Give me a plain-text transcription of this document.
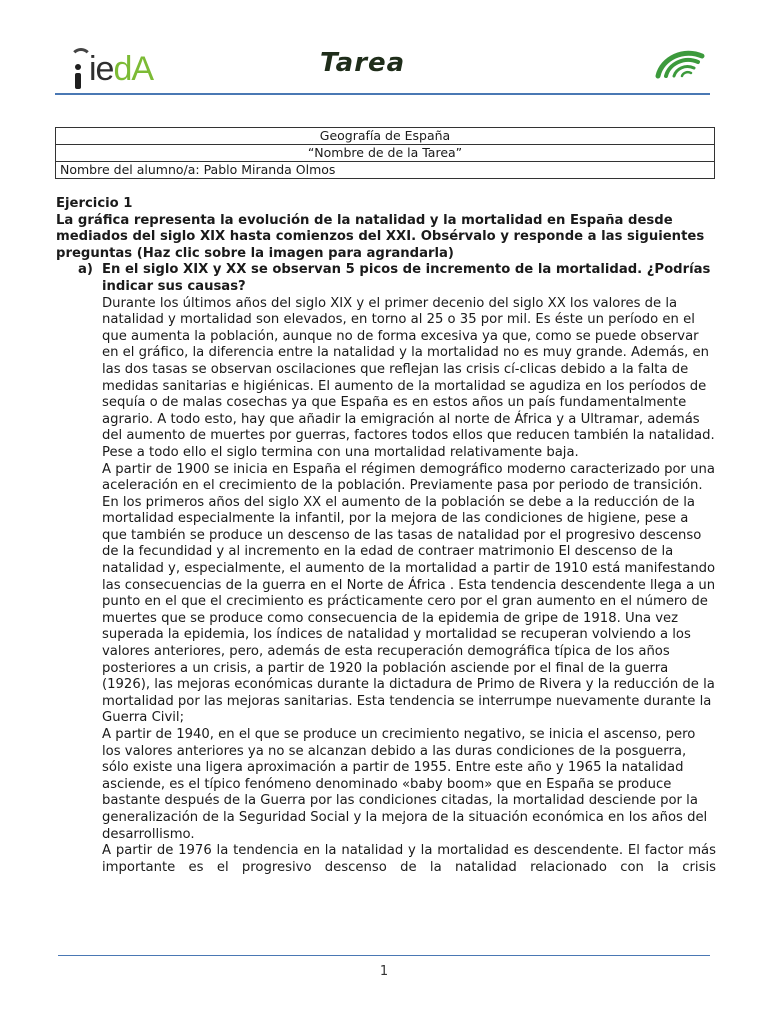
iedA	Tarea
Geografía de España
“Nombre de de la Tarea”
Nombre del alumno/a: Pablo Miranda Olmos
Ejercicio 1
La gráfica representa la evolución de la natalidad y la mortalidad en España desde mediados del siglo XIX hasta comienzos del XXI. Obsérvalo y responde a las siguientes preguntas (Haz clic sobre la imagen para agrandarla)
a) En el siglo XIX y XX se observan 5 picos de incremento de la mortalidad. ¿Podrías indicar sus causas?

Durante los últimos años del siglo XIX y el primer decenio del siglo XX los valores de la natalidad y mortalidad son elevados, en torno al 25 o 35 por mil. Es éste un período en el que aumenta la población, aunque no de forma excesiva ya que, como se puede observar en el gráfico, la diferencia entre la natalidad y la mortalidad no es muy grande. Además, en las dos tasas se observan oscilaciones que reflejan las crisis cí-clicas debido a la falta de medidas sanitarias e higiénicas. El aumento de la mortalidad se agudiza en los períodos de sequía o de malas cosechas ya que España es en estos años un país fundamentalmente agrario. A todo esto, hay que añadir la emigración al norte de África y a Ultramar, además del aumento de muertes por guerras, factores todos ellos que reducen también la natalidad. Pese a todo ello el siglo termina con una mortalidad relativamente baja.

A partir de 1900 se inicia en España el régimen demográfico moderno caracterizado por una aceleración en el crecimiento de la población. Previamente pasa por periodo de transición.

En los primeros años del siglo XX el aumento de la población se debe a la reducción de la mortalidad especialmente la infantil, por la mejora de las condiciones de higiene, pese a que también se produce un descenso de las tasas de natalidad por el progresivo descenso de la fecundidad y al incremento en la edad de contraer matrimonio El descenso de la natalidad y, especialmente, el aumento de la mortalidad a partir de 1910 está manifestando las consecuencias de la guerra en el Norte de África . Esta tendencia descendente llega a un punto en el que el crecimiento es prácticamente cero por el gran aumento en el número de muertes que se produce como consecuencia de la epidemia de gripe de 1918. Una vez superada la epidemia, los índices de natalidad y mortalidad se recuperan volviendo a los valores anteriores, pero, además de esta recuperación demográfica típica de los años posteriores a un crisis, a partir de 1920 la población asciende por el final de la guerra (1926), las mejoras económicas durante la dictadura de Primo de Rivera y la reducción de la mortalidad por las mejoras sanitarias. Esta tendencia se interrumpe nuevamente durante la Guerra Civil;

A partir de 1940, en el que se produce un crecimiento negativo, se inicia el ascenso, pero los valores anteriores ya no se alcanzan debido a las duras condiciones de la posguerra, sólo existe una ligera aproximación a partir de 1955. Entre este año y 1965 la natalidad asciende, es el típico fenómeno denominado «baby boom» que en España se produce bastante después de la Guerra por las condiciones citadas, la mortalidad desciende por la generalización de la Seguridad Social y la mejora de la situación económica en los años del desarrollismo.

A partir de 1976 la tendencia en la natalidad y la mortalidad es descendente. El factor más importante es el progresivo descenso de la natalidad relacionado con la crisis

1
